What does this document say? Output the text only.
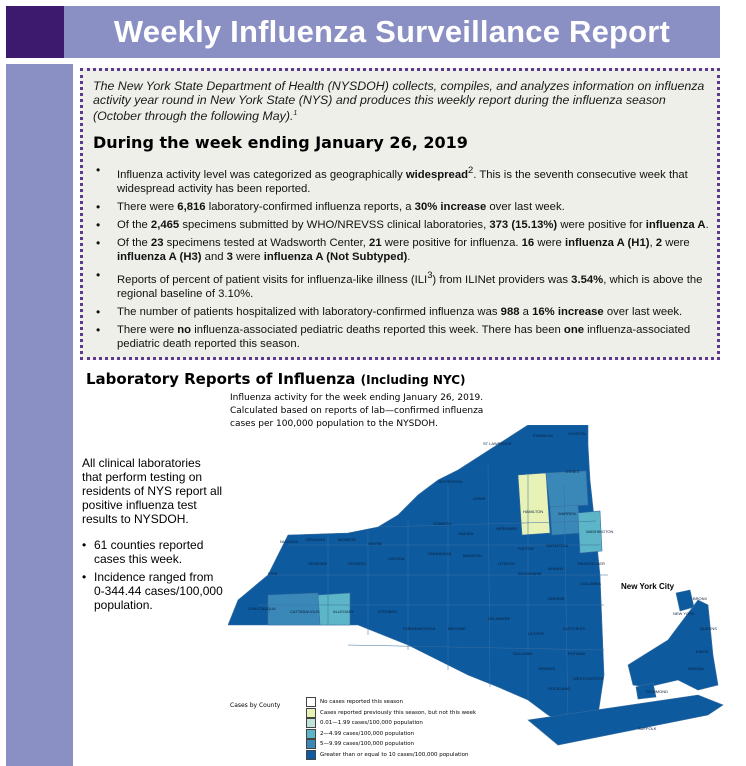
Weekly Influenza Surveillance Report

The New York State Department of Health (NYSDOH) collects, compiles, and analyzes information on influenza activity year round in New York State (NYS) and produces this weekly report during the influenza season (October through the following May).$^1$

During the week ending January 26, 2019
• Influenza activity level was categorized as geographically widespread$^2$. This is the seventh consecutive week that widespread activity has been reported.
• There were 6,816 laboratory-confirmed influenza reports, a 30% increase over last week.
• Of the 2,465 specimens submitted by WHO/NREVSS clinical laboratories, 373 (15.13%) were positive for influenza A.
• Of the 23 specimens tested at Wadsworth Center, 21 were positive for influenza. 16 were influenza A (H1), 2 were influenza A (H3) and 3 were influenza A (Not Subtyped).
• Reports of percent of patient visits for influenza-like illness (ILI$^3$) from ILINet providers was 3.54%, which is above the regional baseline of 3.10%.
• The number of patients hospitalized with laboratory-confirmed influenza was 988 a 16% increase over last week.
• There were no influenza-associated pediatric deaths reported this week. There has been one influenza-associated pediatric death reported this season.
Laboratory Reports of Influenza (Including NYC)

All clinical laboratories that perform testing on residents of NYS report all positive influenza test results to NYSDOH.

• 61 counties reported cases this week.
• Incidence ranged from 0-344.44 cases/100,000 population.
Influenza activity for the week ending January 26, 2019.
Calculated based on reports of lab—confirmed influenza
cases per 100,000 population to the NYSDOH.
New York City
ST LAWRENCE
FRANKLIN	CLINTON
ESSEX
HAMILTON	WARREN
WASHINGTON
LEWIS
JEFFERSON
HERKIMER
OSWEGO
ONEIDA
FULTON
SARATOGA
NIAGARA ORLEANS	MONROE
WAYNE
ERIE
GENESEE	ONTARIO
CAYUGA
ONONDAGA	MADISON
OTSEGO
SCHOHARIE
ALBANY
RENSSELAER
CHAUTAUQUA
CATTARAUGUS	ALLEGANY	STEUBEN
CHEMUNG TIOGA	BROOME
DELAWARE
GREENE
COLUMBIA
ULSTER
DUTCHESS
SULLIVAN
ORANGE
PUTNAM
WESTCHESTER
ROCKLAND
SUFFOLK
NASSAU
BRONX
QUEENS
KINGS
RICHMOND
NEW YORK
Cases by County	No cases reported this season
Cases reported previously this season, but not this week
0.01—1.99 cases/100,000 population
2—4.99 cases/100,000 population
5—9.99 cases/100,000 population
Greater than or equal to 10 cases/100,000 population
